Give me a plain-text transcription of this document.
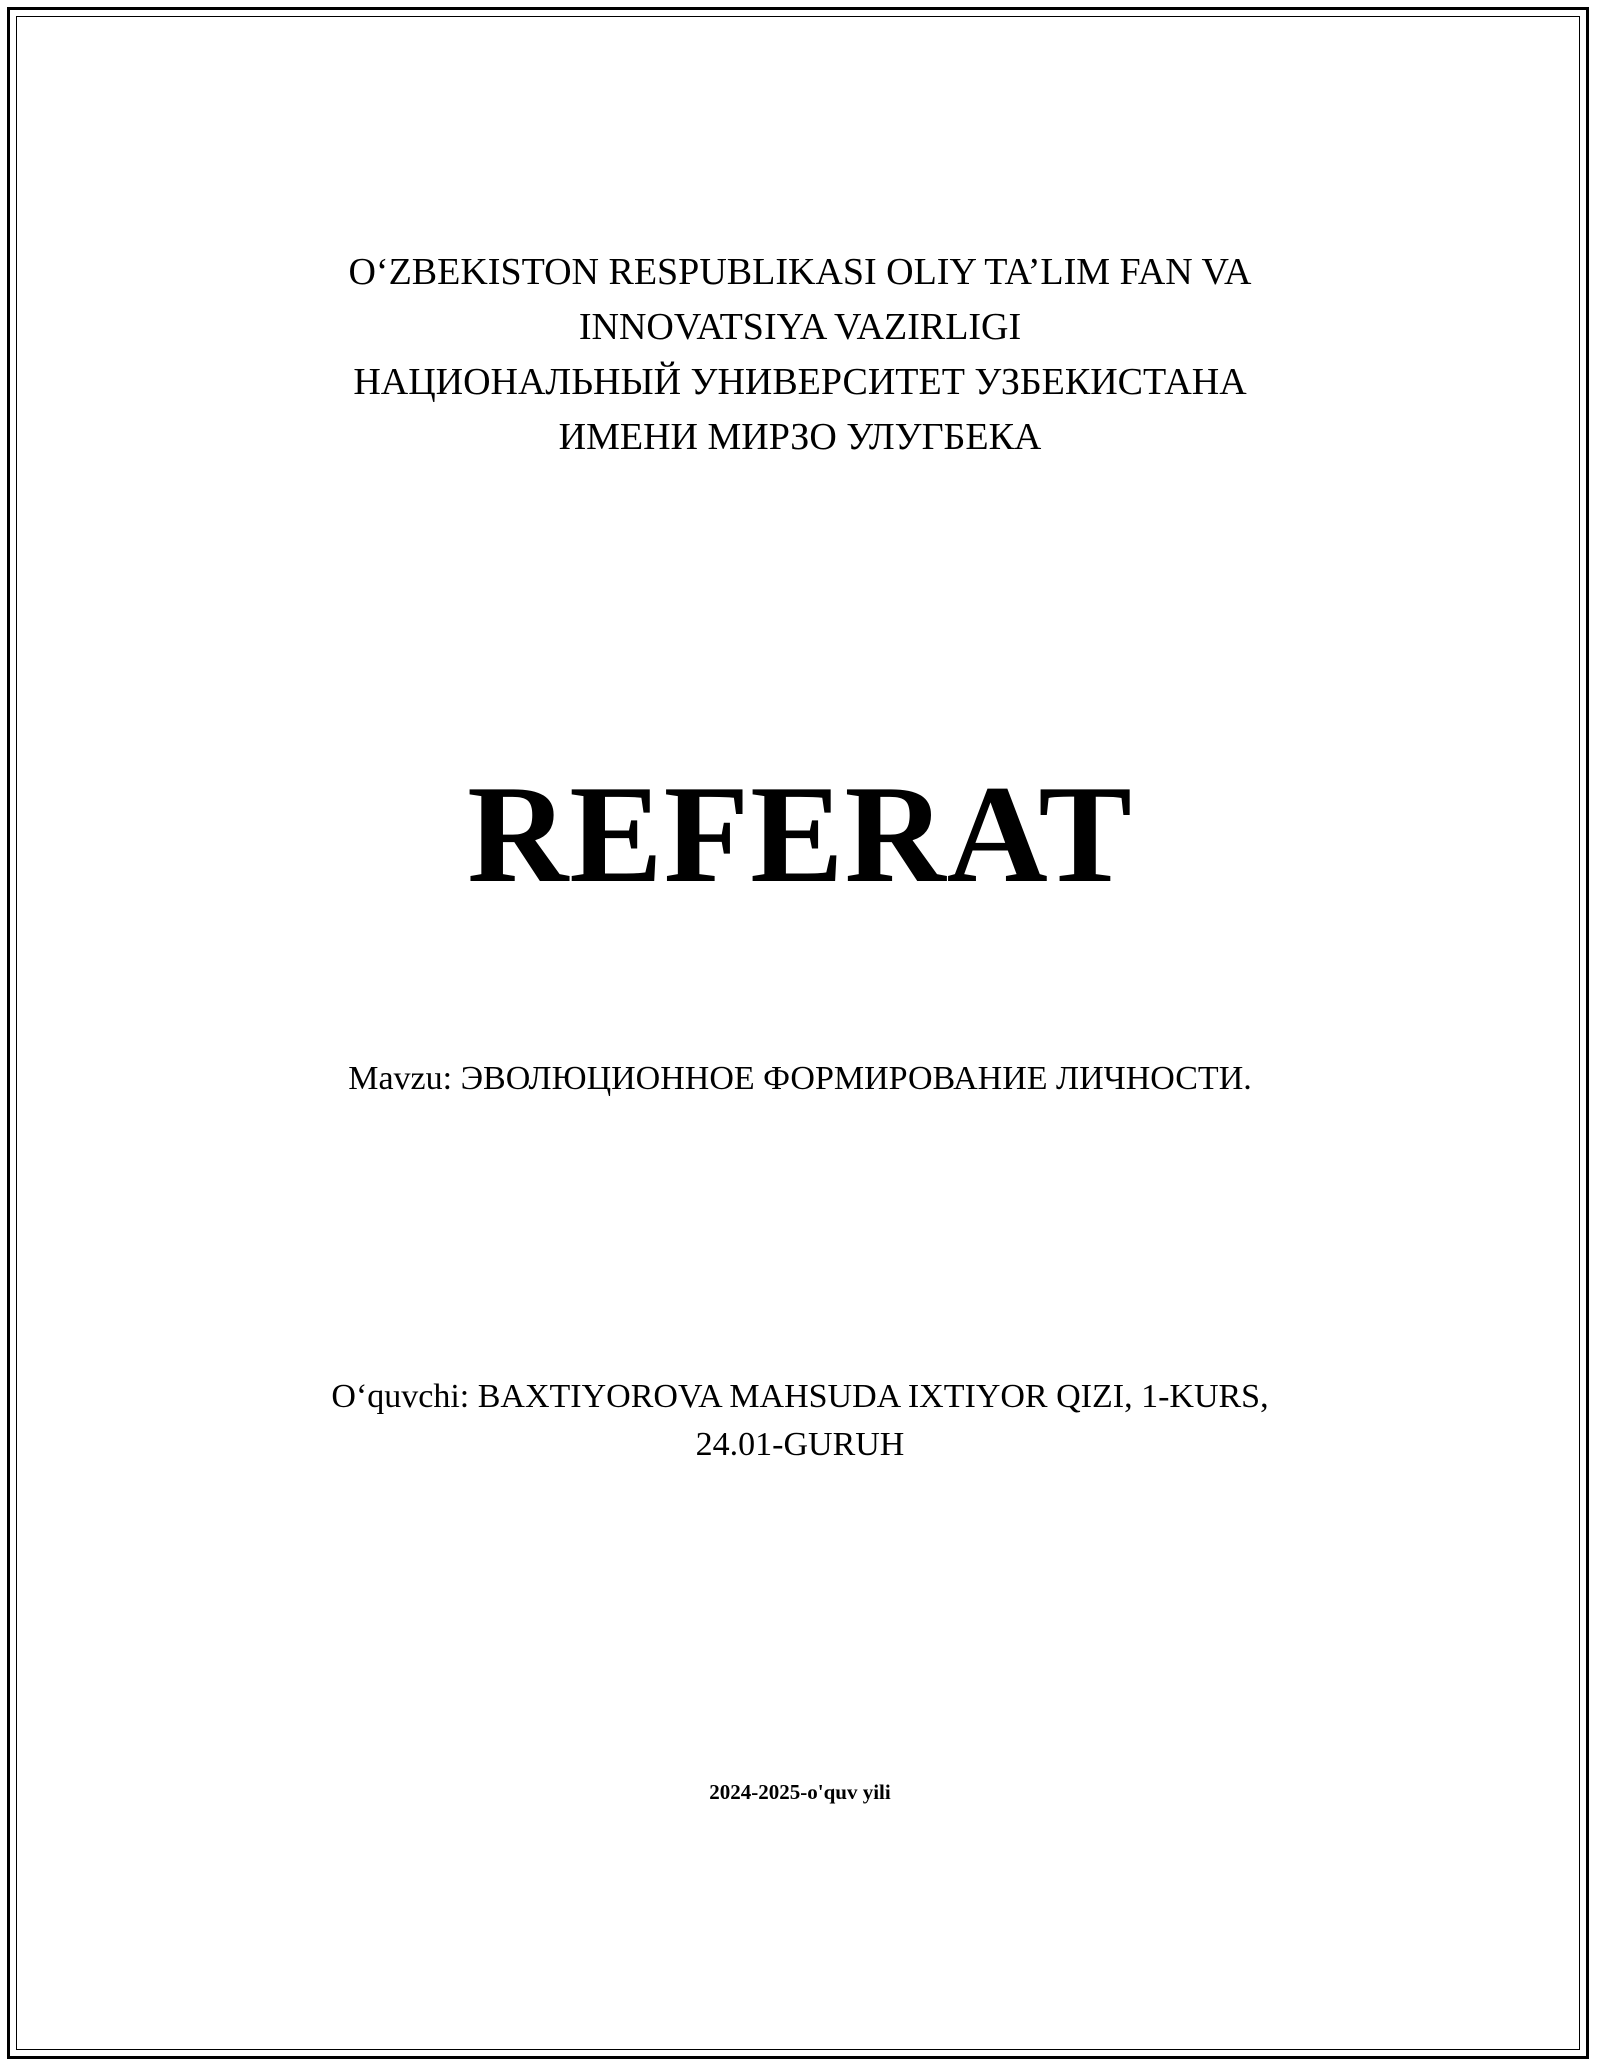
O‘ZBEKISTON RESPUBLIKASI OLIY TA’LIM FAN VA
INNOVATSIYA VAZIRLIGI
НАЦИОНАЛЬНЫЙ УНИВЕРСИТЕТ УЗБЕКИСТАНА
ИМЕНИ МИРЗО УЛУГБЕКА
REFERAT
Mavzu: ЭВОЛЮЦИОННОЕ ФОРМИРОВАНИЕ ЛИЧНОСТИ.
O‘quvchi: BAXTIYOROVA MAHSUDA IXTIYOR QIZI, 1-KURS,
24.01-GURUH
2024-2025-o'quv yili
